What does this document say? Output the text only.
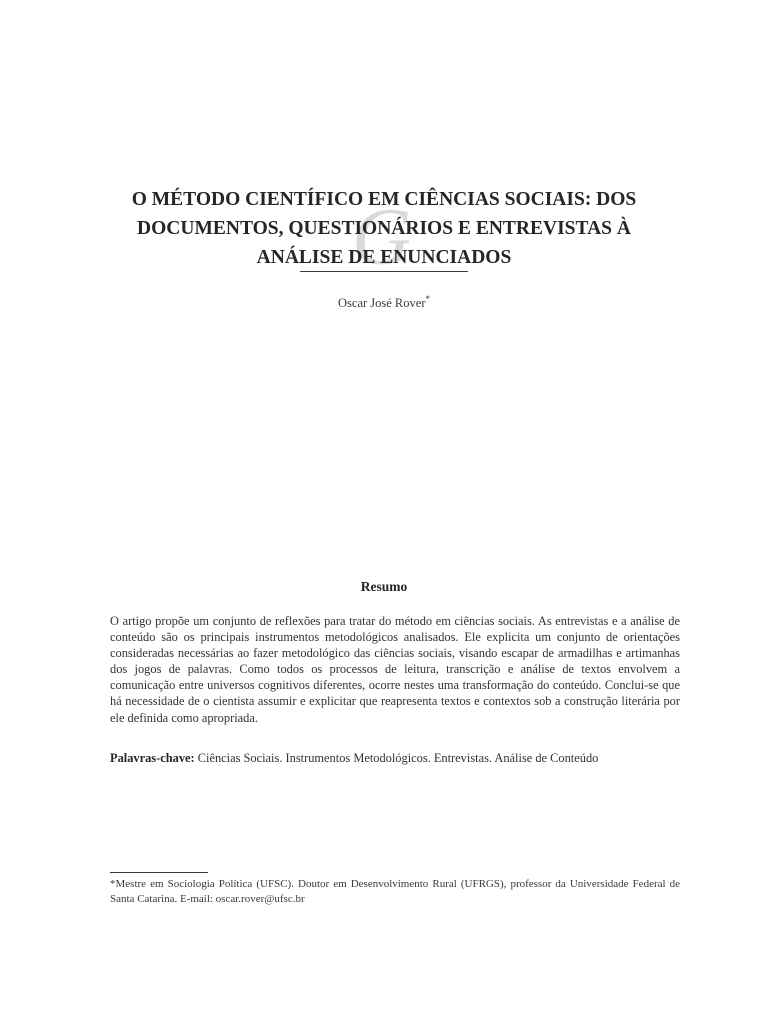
G
O MÉTODO CIENTÍFICO EM CIÊNCIAS SOCIAIS: DOS
DOCUMENTOS, QUESTIONÁRIOS E ENTREVISTAS À
ANÁLISE DE ENUNCIADOS
Oscar José Rover*
Resumo

O artigo propõe um conjunto de reflexões para tratar do método em ciências sociais. As entrevistas e a análise de conteúdo são os principais instrumentos metodológicos analisados. Ele explicita um conjunto de orientações consideradas necessárias ao fazer metodológico das ciências sociais, visando escapar de armadilhas e artimanhas dos jogos de palavras. Como todos os processos de leitura, transcrição e análise de textos envolvem a comunicação entre universos cognitivos diferentes, ocorre nestes uma transformação do conteúdo. Conclui-se que há necessidade de o cientista assumir e explicitar que reapresenta textos e contextos sob a construção literária por ele definida como apropriada.

Palavras-chave: Ciências Sociais. Instrumentos Metodológicos. Entrevistas. Análise de Conteúdo

*Mestre em Sociologia Política (UFSC). Doutor em Desenvolvimento Rural (UFRGS), professor da Universidade Federal de Santa Catarina. E-mail: oscar.rover@ufsc.br
